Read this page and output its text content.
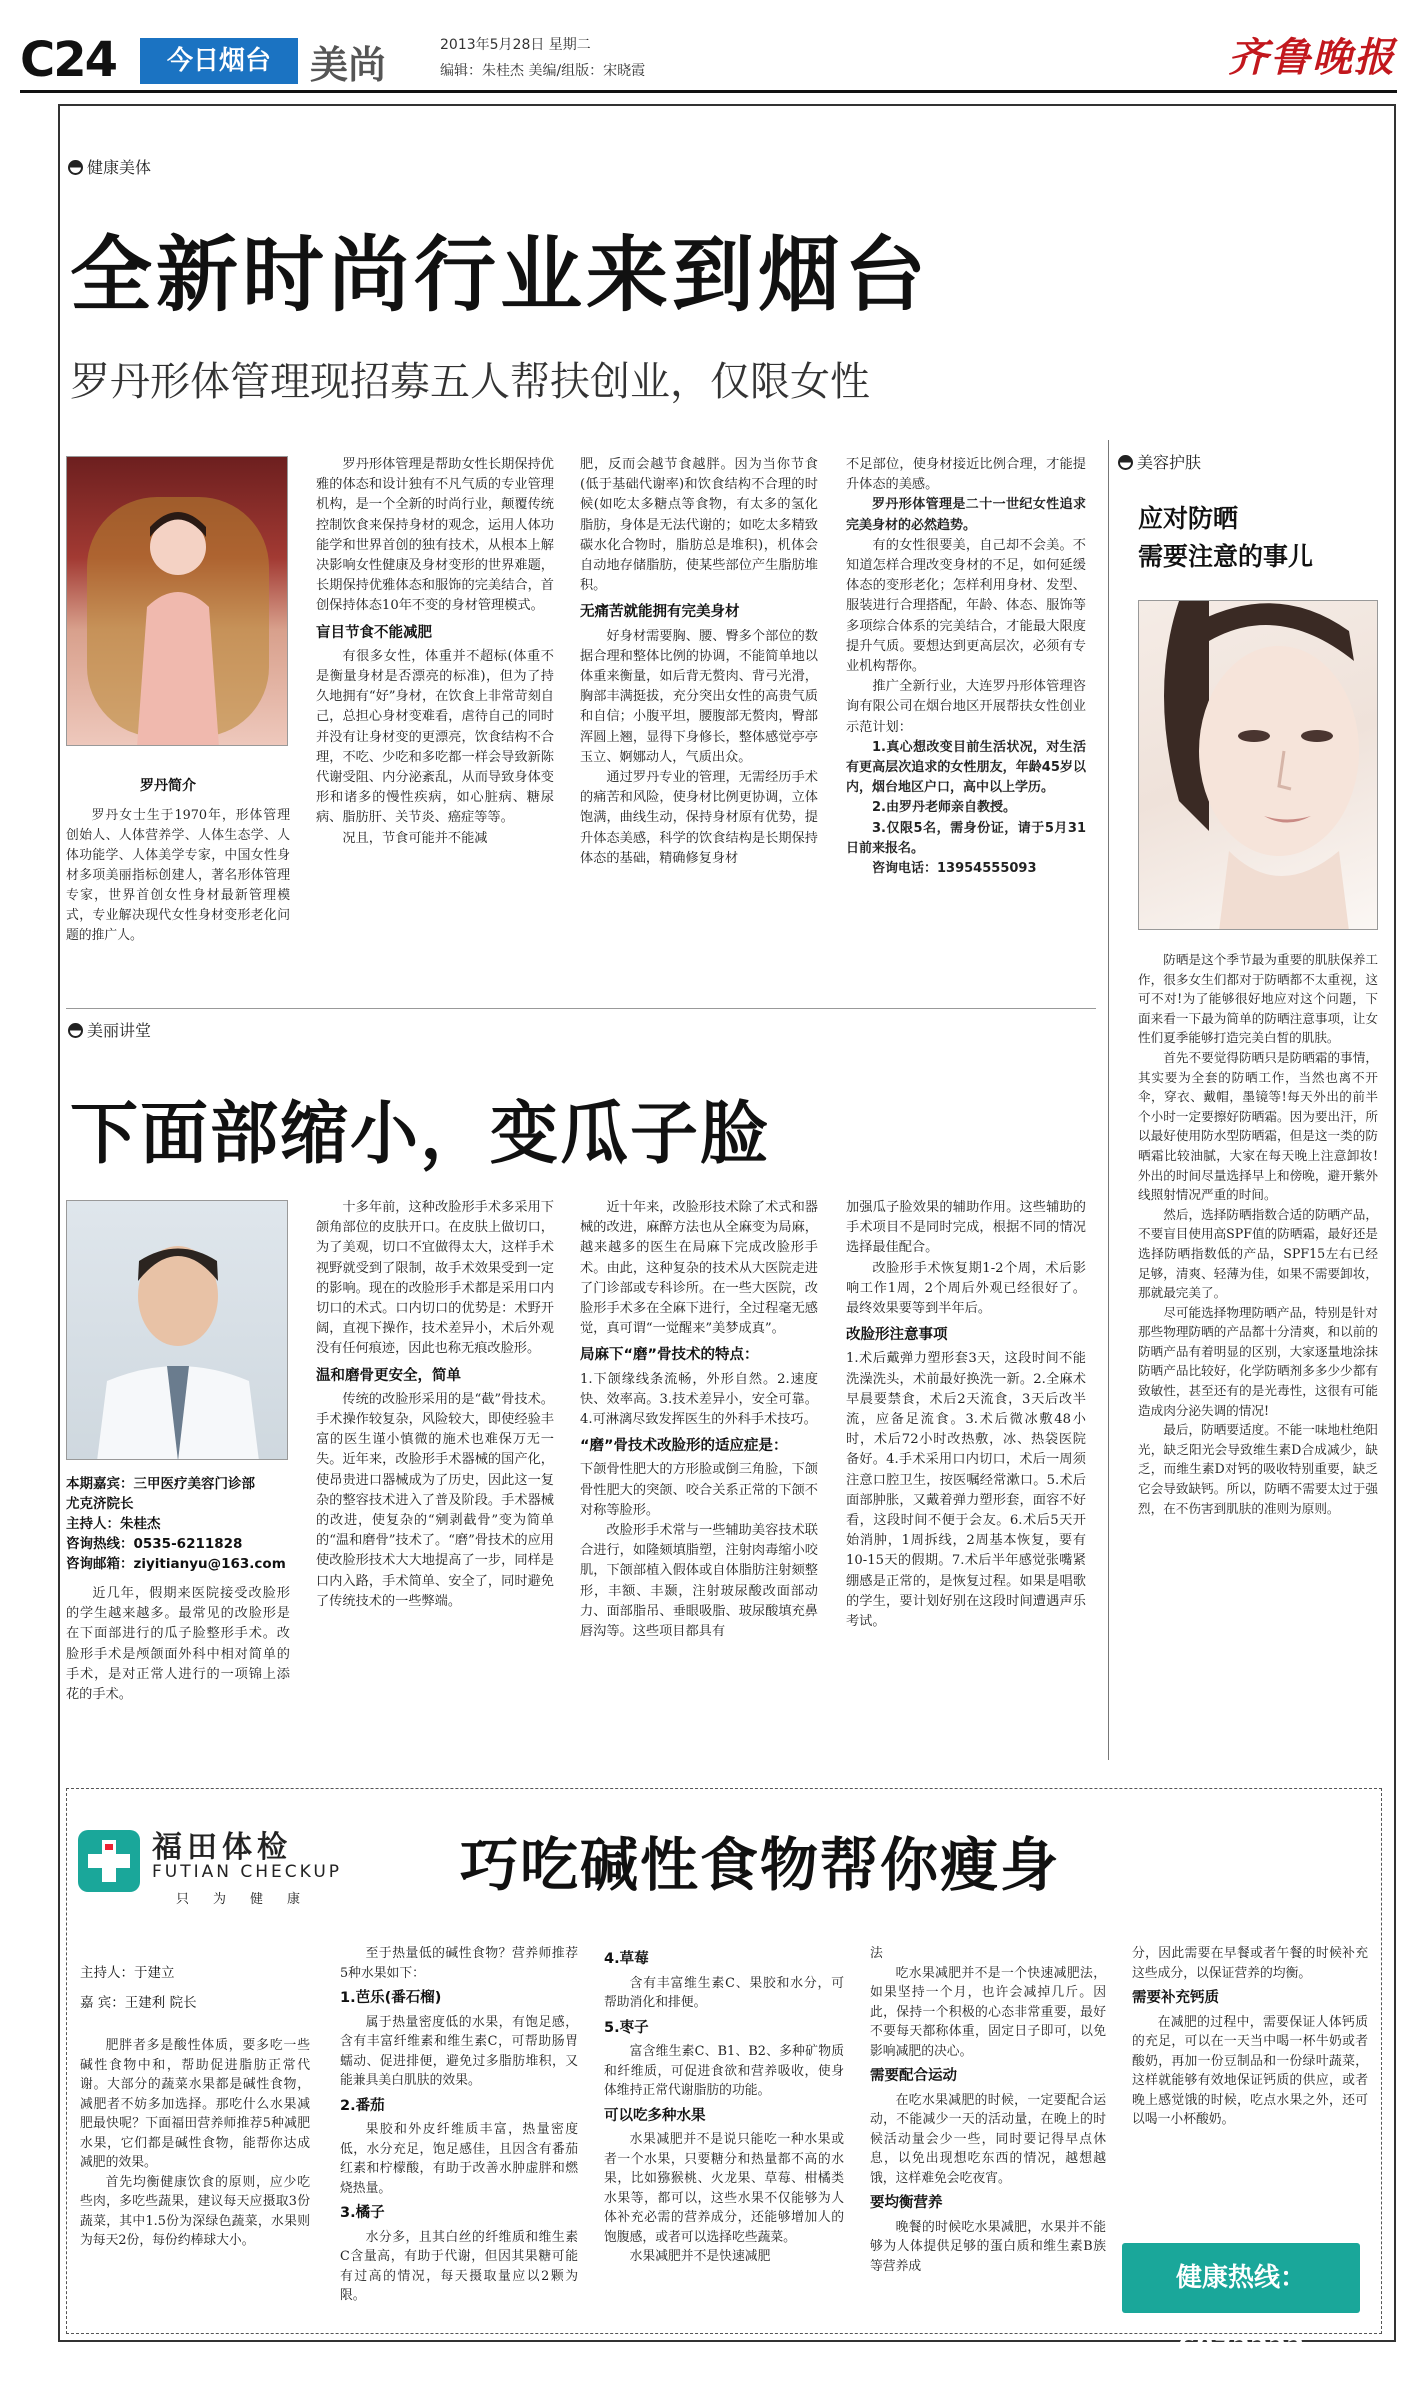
C24	今日烟台	美尚	2013年5月28日 星期二
编辑：朱桂杰 美编/组版：宋晓霞	齐鲁晚报
健康美体
全新时尚行业来到烟台
罗丹形体管理现招募五人帮扶创业，仅限女性
罗丹简介

罗丹女士生于1970年，形体管理创始人、人体营养学、人体生态学、人体功能学、人体美学专家，中国女性身材多项美丽指标创建人，著名形体管理专家，世界首创女性身材最新管理模式，专业解决现代女性身材变形老化问题的推广人。

罗丹形体管理是帮助女性长期保持优雅的体态和设计独有不凡气质的专业管理机构，是一个全新的时尚行业，颠覆传统控制饮食来保持身材的观念，运用人体功能学和世界首创的独有技术，从根本上解决影响女性健康及身材变形的世界难题，长期保持优雅体态和服饰的完美结合，首创保持体态10年不变的身材管理模式。

盲目节食不能减肥

有很多女性，体重并不超标(体重不是衡量身材是否漂亮的标准)，但为了持久地拥有“好”身材，在饮食上非常苛刻自己，总担心身材变难看，虐待自己的同时并没有让身材变的更漂亮，饮食结构不合理，不吃、少吃和多吃都一样会导致新陈代谢受阻、内分泌紊乱，从而导致身体变形和诸多的慢性疾病，如心脏病、糖尿病、脂肪肝、关节炎、癌症等等。

况且，节食可能并不能减

肥，反而会越节食越胖。因为当你节食(低于基础代谢率)和饮食结构不合理的时候(如吃太多糖点等食物，有太多的氢化脂肪，身体是无法代谢的；如吃太多精致碳水化合物时，脂肪总是堆积)，机体会自动地存储脂肪，使某些部位产生脂肪堆积。

无痛苦就能拥有完美身材

好身材需要胸、腰、臀多个部位的数据合理和整体比例的协调，不能简单地以体重来衡量，如后背无赘肉、背弓光滑，胸部丰满挺拔，充分突出女性的高贵气质和自信；小腹平坦，腰腹部无赘肉，臀部浑圆上翘，显得下身修长，整体感觉亭亭玉立、婀娜动人，气质出众。

通过罗丹专业的管理，无需经历手术的痛苦和风险，使身材比例更协调，立体饱满，曲线生动，保持身材原有优势，提升体态美感，科学的饮食结构是长期保持体态的基础，精确修复身材

不足部位，使身材接近比例合理，才能提升体态的美感。

罗丹形体管理是二十一世纪女性追求完美身材的必然趋势。

有的女性很要美，自己却不会美。不知道怎样合理改变身材的不足，如何延缓体态的变形老化；怎样利用身材、发型、服装进行合理搭配，年龄、体态、服饰等多项综合体系的完美结合，才能最大限度提升气质。要想达到更高层次，必须有专业机构帮你。

推广全新行业，大连罗丹形体管理咨询有限公司在烟台地区开展帮扶女性创业示范计划：

1.真心想改变目前生活状况，对生活有更高层次追求的女性朋友，年龄45岁以内，烟台地区户口，高中以上学历。

2.由罗丹老师亲自教授。

3.仅限5名，需身份证，请于5月31日前来报名。

咨询电话：13954555093

美容护肤
应对防晒
需要注意的事儿

防晒是这个季节最为重要的肌肤保养工作，很多女生们都对于防晒都不太重视，这可不对!为了能够很好地应对这个问题，下面来看一下最为简单的防晒注意事项，让女性们夏季能够打造完美白皙的肌肤。

首先不要觉得防晒只是防晒霜的事情，其实要为全套的防晒工作，当然也离不开伞，穿衣、戴帽，墨镜等!每天外出的前半个小时一定要擦好防晒霜。因为要出汗，所以最好使用防水型防晒霜，但是这一类的防晒霜比较油腻，大家在每天晚上注意卸妆!外出的时间尽量选择早上和傍晚，避开紫外线照射情况严重的时间。

然后，选择防晒指数合适的防晒产品，不要盲目使用高SPF值的防晒霜，最好还是选择防晒指数低的产品，SPF15左右已经足够，清爽、轻薄为佳，如果不需要卸妆，那就最完美了。

尽可能选择物理防晒产品，特别是针对那些物理防晒的产品都十分清爽，和以前的防晒产品有着明显的区别，大家逐量地涂抹防晒产品比较好，化学防晒剂多多少少都有致敏性，甚至还有的是光毒性，这很有可能造成肉分泌失调的情况!

最后，防晒要适度。不能一味地杜绝阳光，缺乏阳光会导致维生素D合成减少，缺乏，而维生素D对钙的吸收特别重要，缺乏它会导致缺钙。所以，防晒不需要太过于强烈，在不伤害到肌肤的准则为原则。

美丽讲堂
下面部缩小，变瓜子脸
本期嘉宾：三甲医疗美容门诊部
尤克济院长
主持人：朱桂杰
咨询热线：0535-6211828
咨询邮箱：ziyitianyu@163.com

近几年，假期来医院接受改脸形的学生越来越多。最常见的改脸形是在下面部进行的瓜子脸整形手术。改脸形手术是颅颌面外科中相对简单的手术，是对正常人进行的一项锦上添花的手术。

十多年前，这种改脸形手术多采用下颌角部位的皮肤开口。在皮肤上做切口，为了美观，切口不宜做得太大，这样手术视野就受到了限制，故手术效果受到一定的影响。现在的改脸形手术都是采用口内切口的术式。口内切口的优势是：术野开阔，直视下操作，技术差异小，术后外观没有任何痕迹，因此也称无痕改脸形。

温和磨骨更安全，简单

传统的改脸形采用的是“截”骨技术。手术操作较复杂，风险较大，即使经验丰富的医生谨小慎微的施术也难保万无一失。近年来，改脸形手术器械的国产化，使昂贵进口器械成为了历史，因此这一复杂的整容技术进入了普及阶段。手术器械的改进，使复杂的“剜剥截骨”变为简单的“温和磨骨”技术了。“磨”骨技术的应用使改脸形技术大大地提高了一步，同样是口内入路，手术简单、安全了，同时避免了传统技术的一些弊端。

近十年来，改脸形技术除了术式和器械的改进，麻醉方法也从全麻变为局麻，越来越多的医生在局麻下完成改脸形手术。由此，这种复杂的技术从大医院走进了门诊部或专科诊所。在一些大医院，改脸形手术多在全麻下进行，全过程毫无感觉，真可谓“一觉醒来”美梦成真”。

局麻下“磨”骨技术的特点：

1.下颌缘线条流畅，外形自然。2.速度快、效率高。3.技术差异小，安全可靠。4.可淋漓尽致发挥医生的外科手术技巧。

“磨”骨技术改脸形的适应症是：

下颌骨性肥大的方形脸或倒三角脸，下颌骨性肥大的突颌、咬合关系正常的下颌不对称等脸形。

改脸形手术常与一些辅助美容技术联合进行，如隆颏填脂塑，注射肉毒缩小咬肌，下颌部植入假体或自体脂肪注射颏整形，丰额、丰颞，注射玻尿酸改面部动力、面部脂吊、垂眼吸脂、玻尿酸填充鼻唇沟等。这些项目都具有

加强瓜子脸效果的辅助作用。这些辅助的手术项目不是同时完成，根据不同的情况选择最佳配合。

改脸形手术恢复期1-2个周，术后影响工作1周，2个周后外观已经很好了。最终效果要等到半年后。

改脸形注意事项

1.术后戴弹力塑形套3天，这段时间不能洗澡洗头，术前最好换洗一新。2.全麻术早晨要禁食，术后2天流食，3天后改半流，应备足流食。3.术后微冰敷48小时，术后72小时改热敷，冰、热袋医院备好。4.手术采用口内切口，术后一周须注意口腔卫生，按医嘱经常漱口。5.术后面部肿胀，又戴着弹力塑形套，面容不好看，这段时间不便于会友。6.术后5天开始消肿，1周拆线，2周基本恢复，要有10-15天的假期。7.术后半年感觉张嘴紧绷感是正常的，是恢复过程。如果是唱歌的学生，要计划好别在这段时间遭遇声乐考试。

福田体检
FUTIAN CHECKUP
只为健康
巧吃碱性食物帮你瘦身
主持人：于建立
嘉 宾：王建利 院长

肥胖者多是酸性体质，要多吃一些碱性食物中和，帮助促进脂肪正常代谢。大部分的蔬菜水果都是碱性食物，减肥者不妨多加选择。那吃什么水果减肥最快呢？下面福田营养师推荐5种减肥水果，它们都是碱性食物，能帮你达成减肥的效果。

首先均衡健康饮食的原则，应少吃些肉，多吃些蔬果，建议每天应摄取3份蔬菜，其中1.5份为深绿色蔬菜，水果则为每天2份，每份约棒球大小。

至于热量低的碱性食物？营养师推荐5种水果如下：

1.芭乐(番石榴)

属于热量密度低的水果，有饱足感，含有丰富纤维素和维生素C，可帮助肠胃蠕动、促进排便，避免过多脂肪堆积，又能兼具美白肌肤的效果。

2.番茄

果胶和外皮纤维质丰富，热量密度低，水分充足，饱足感佳，且因含有番茄红素和柠檬酸，有助于改善水肿虚胖和燃烧热量。

3.橘子

水分多，且其白丝的纤维质和维生素C含量高，有助于代谢，但因其果糖可能有过高的情况，每天摄取量应以2颗为限。

4.草莓

含有丰富维生素C、果胶和水分，可帮助消化和排便。

5.枣子

富含维生素C、B1、B2、多种矿物质和纤维质，可促进食欲和营养吸收，使身体维持正常代谢脂肪的功能。

可以吃多种水果

水果减肥并不是说只能吃一种水果或者一个水果，只要糖分和热量都不高的水果，比如猕猴桃、火龙果、草莓、柑橘类水果等，都可以，这些水果不仅能够为人体补充必需的营养成分，还能够增加人的饱腹感，或者可以选择吃些蔬菜。

水果减肥并不是快速减肥

法

吃水果减肥并不是一个快速减肥法，如果坚持一个月，也许会减掉几斤。因此，保持一个积极的心态非常重要，最好不要每天都称体重，固定日子即可，以免影响减肥的决心。

需要配合运动

在吃水果减肥的时候，一定要配合运动，不能减少一天的活动量，在晚上的时候活动量会少一些，同时要记得早点休息，以免出现想吃东西的情况，越想越饿，这样难免会吃夜宵。

要均衡营养

晚餐的时候吃水果减肥，水果并不能够为人体提供足够的蛋白质和维生素B族等营养成

分，因此需要在早餐或者午餐的时候补充这些成分，以保证营养的均衡。

需要补充钙质

在减肥的过程中，需要保证人体钙质的充足，可以在一天当中喝一杯牛奶或者酸奶，再加一份豆制品和一份绿叶蔬菜，这样就能够有效地保证钙质的供应，或者晚上感觉饿的时候，吃点水果之外，还可以喝一小杯酸奶。

健康热线：6872222
